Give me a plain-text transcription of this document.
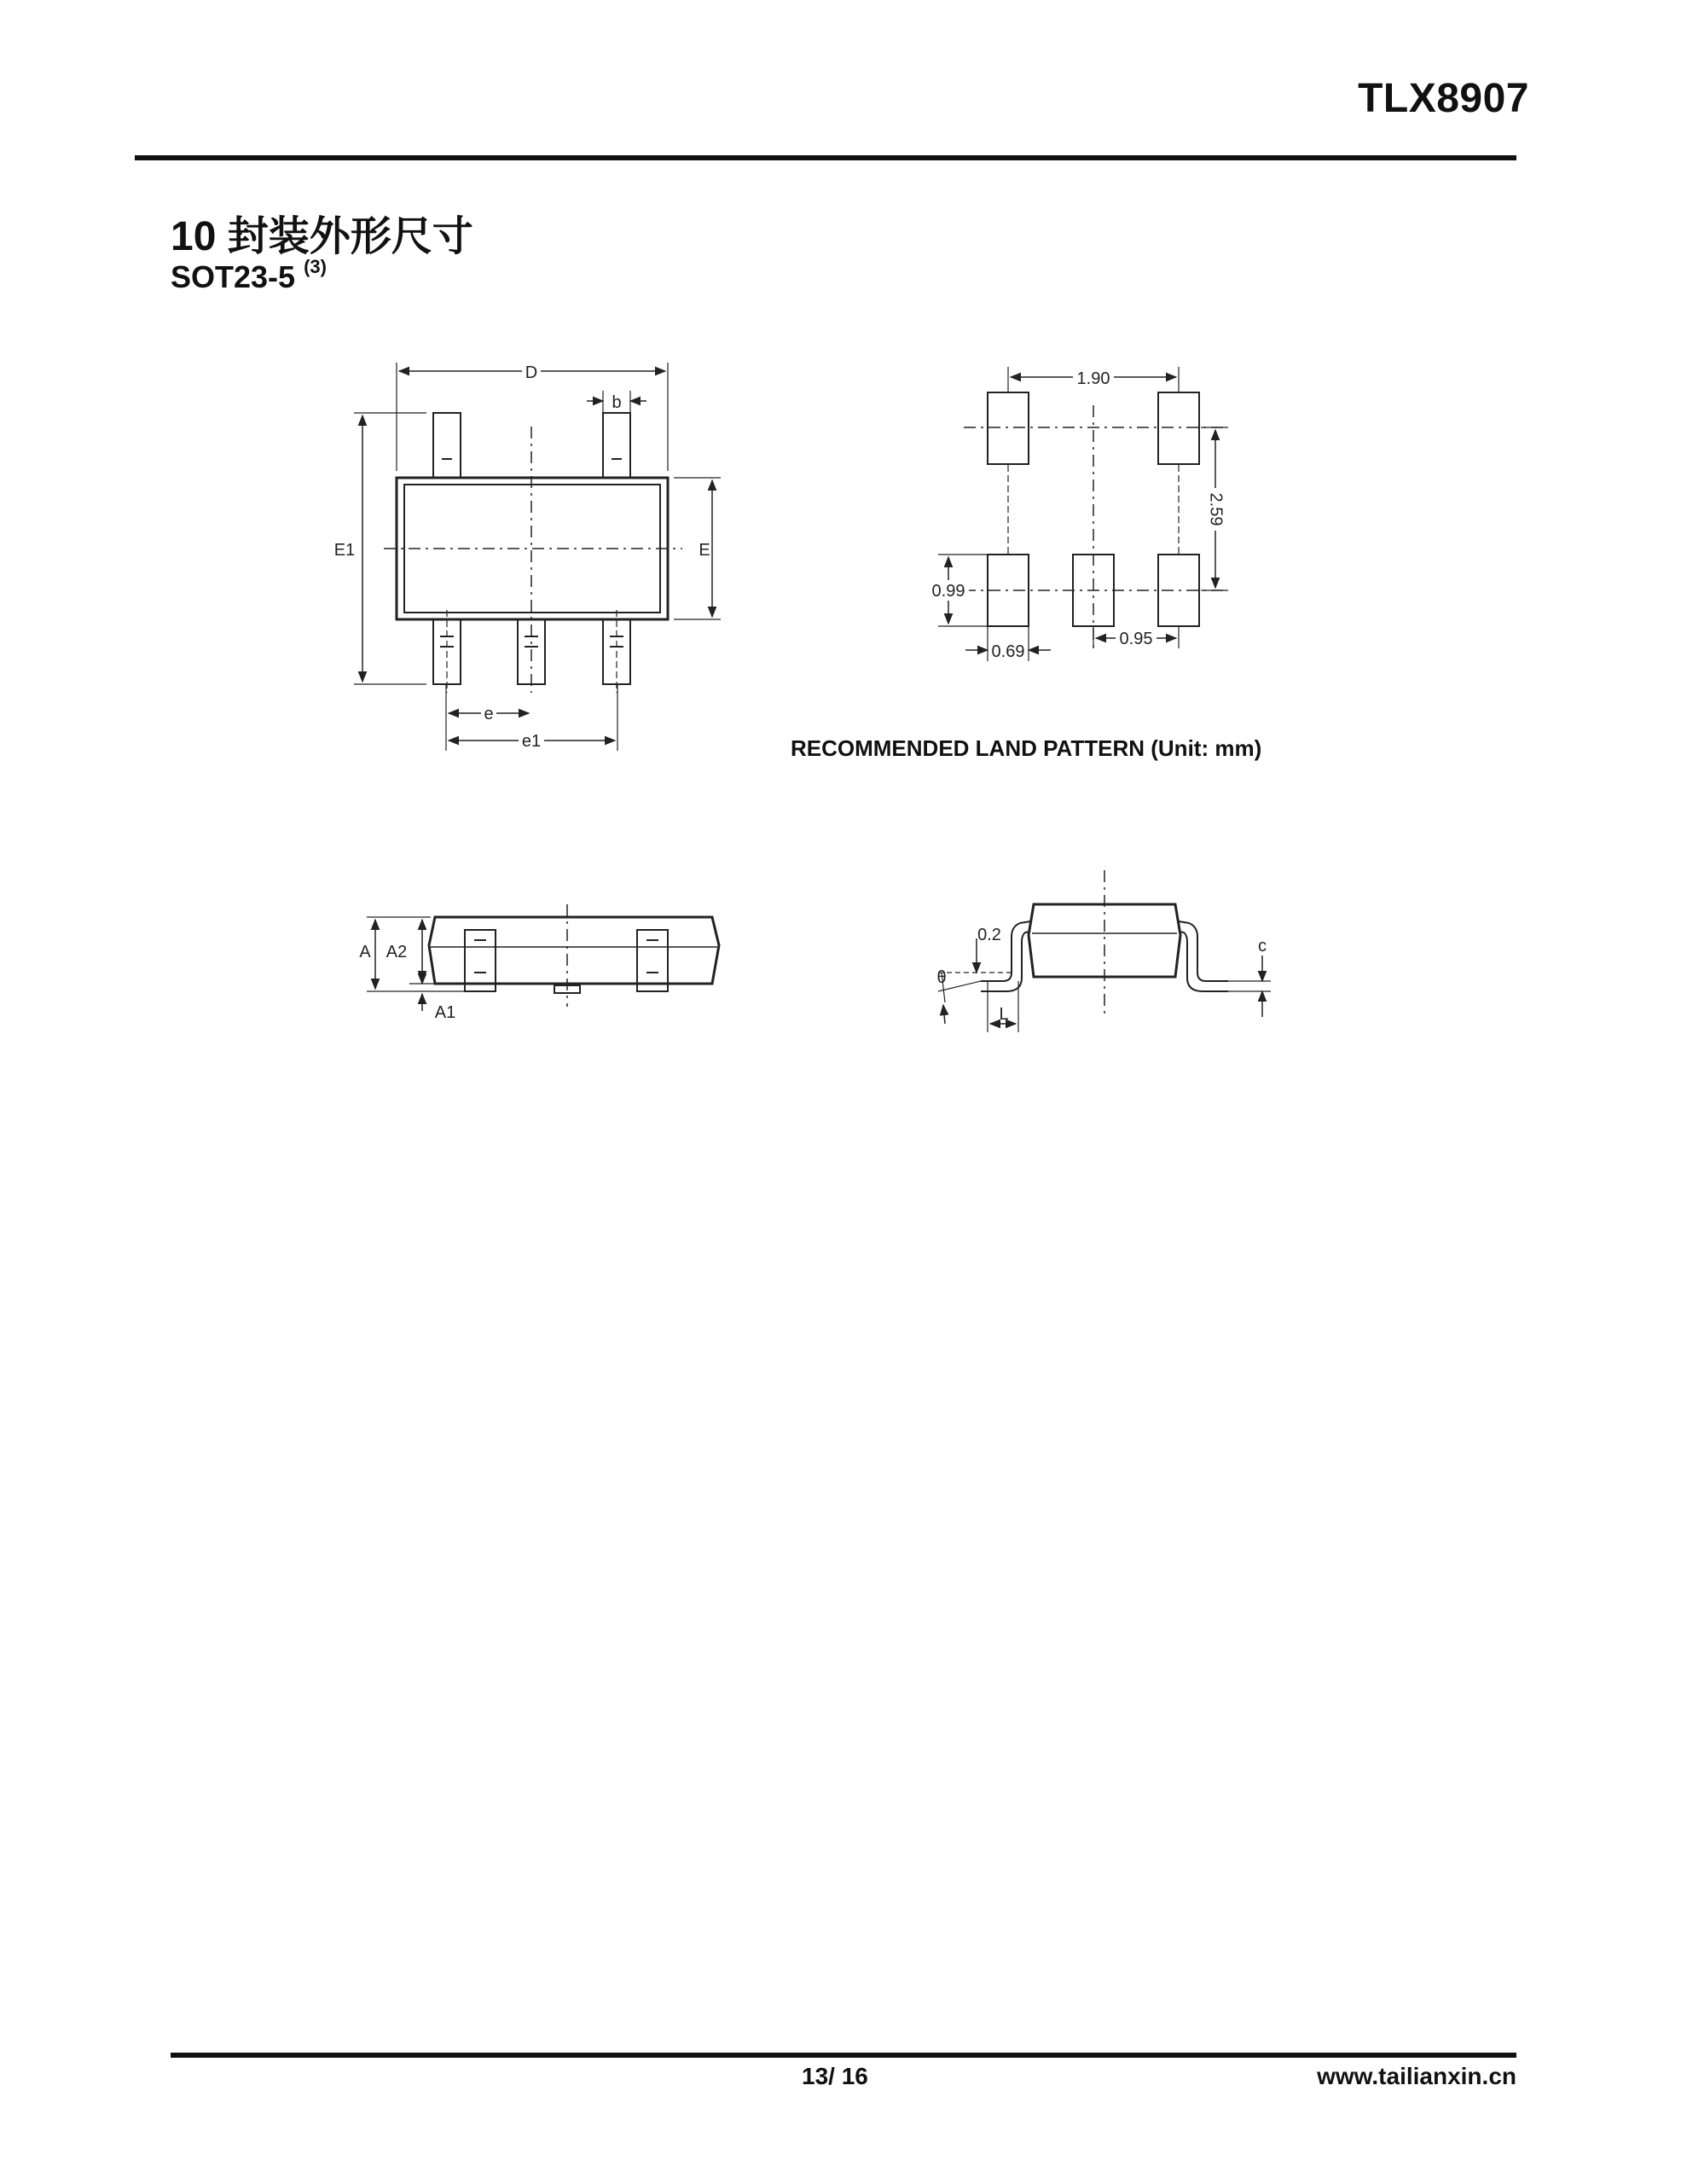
TLX8907
10 封装外形尺寸
SOT23-5 $^{(3)}$
D
b
E1	E
e
e1
1.90
2.59
0.99
0.69
0.95
A A2
A1
0.2
θ
L
c
RECOMMENDED LAND PATTERN (Unit: mm)
13/ 16	www.tailianxin.cn
